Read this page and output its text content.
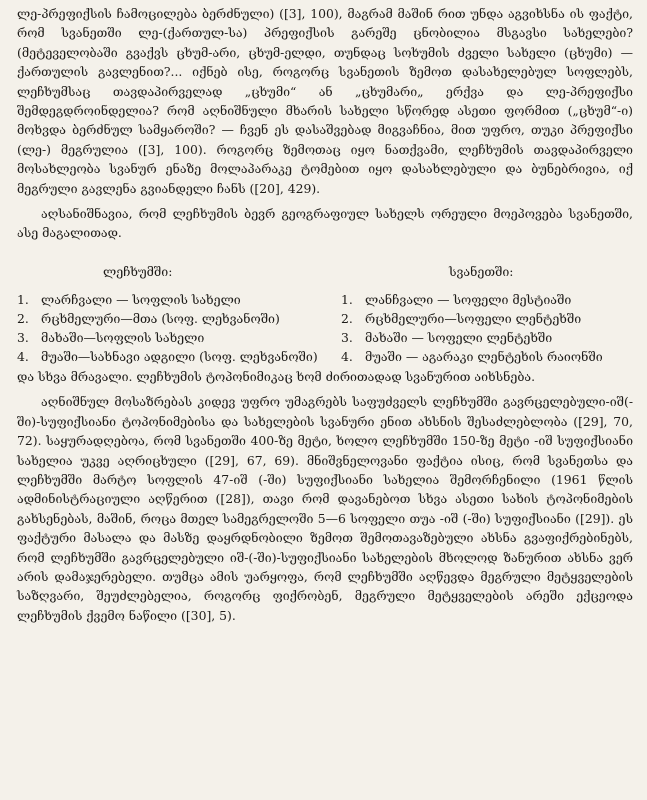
ლე-პრეფიქსის ჩამოცილება ბერძნული) ([3], 100), მაგრამ მაშინ რით უნდა აგვიხსნა ის ფაქტი, რომ სვანეთში ლე-(ქართულ-სა) პრეფიქსის გარეშე ცნობილია მსგავსი სახელები? (მეტეველობაში გვაქვს ცხუმ-არი, ცხუმ-ელდი, თუნდაც სოხუმის ძველი სახელი (ცხუმი) — ქართულის გავლენით?... იქნებ ისე, როგორც სვანეთის ზემოთ დასახელებულ სოფლებს, ლეჩხუმსაც თავდაპირველად „ცხუმი“ ან „ცხუმარი„ ერქვა და ლე-პრეფიქსი შემდეგდროინდელია? რომ აღნიშნული მხარის სახელი სწორედ ასეთი ფორმით („ცხუმ“-ი) მოხვდა ბერძნულ სამყაროში? — ჩვენ ეს დასაშვებად მიგვაჩნია, მით უფრო, თუკი პრეფიქსი (ლე-) მეგრულია ([3], 100). როგორც ზემოთაც იყო ნათქვამი, ლეჩხუმის თავდაპირველი მოსახლეობა სვანურ ენაზე მოლაპარაკე ტომებით იყო დასახლებული და ბუნებრივია, იქ მეგრული გავლენა გვიანდელი ჩანს ([20], 429).

აღსანიშნავია, რომ ლეჩხუმის ბევრ გეოგრაფიულ სახელს ორეული მოეპოვება სვანეთში, ასე მაგალითად.

ლეჩხუმში:
1. ლარჩვალი — სოფლის სახელი
2. რცხმელური—მთა (სოფ. ლეხვანოში)
3. მახაში—სოფლის სახელი
4. მუაში—სახნავი ადგილი (სოფ. ლეხვანოში)
სვანეთში:
1. ლანჩვალი — სოფელი მესტიაში
2. რცხმელური—სოფელი ლენტეხში
3. მახაში — სოფელი ლენტეხში
4. მუაში — აგარაკი ლენტეხის რაიონში

და სხვა მრავალი. ლეჩხუმის ტოპონიმიკაც ხომ ძირითადად სვანურით აიხსნება.

აღნიშნულ მოსაზრებას კიდევ უფრო უმაგრებს საფუძველს ლეჩხუმში გავრცელებული-იშ(-ში)-სუფიქსიანი ტოპონიმებისა და სახელების სვანური ენით ახსნის შესაძლებლობა ([29], 70, 72). საყურადღებოა, რომ სვანეთში 400-ზე მეტი, ხოლო ლეჩხუმში 150-ზე მეტი -იშ სუფიქსიანი სახელია უკვე აღრიცხული ([29], 67, 69). მნიშვნელოვანი ფაქტია ისიც, რომ სვანეთსა და ლეჩხუმში მარტო სოფლის 47-იშ (-ში) სუფიქსიანი სახელია შემორჩენილი (1961 წლის ადმინისტრაციული აღწერით ([28]), თავი რომ დავანებოთ სხვა ასეთი სახის ტოპონიმების გახსენებას, მაშინ, როცა მთელ სამეგრელოში 5—6 სოფელი თუა -იშ (-ში) სუფიქსიანი ([29]). ეს ფაქტური მასალა და მასზე დაყრდნობილი ზემოთ შემოთავაზებული ახსნა გვაფიქრებინებს, რომ ლეჩხუმში გავრცელებული იშ-(-ში)-სუფიქსიანი სახელების მხოლოდ ზანურით ახსნა ვერ არის დამაჯერებელი. თუმცა ამის უარყოფა, რომ ლეჩხუმში აღწევდა მეგრული მეტყველების საზღვარი, შეუძლებელია, როგორც ფიქრობენ, მეგრული მეტყველების არეში ექცეოდა ლეჩხუმის ქვემო ნაწილი ([30], 5).
